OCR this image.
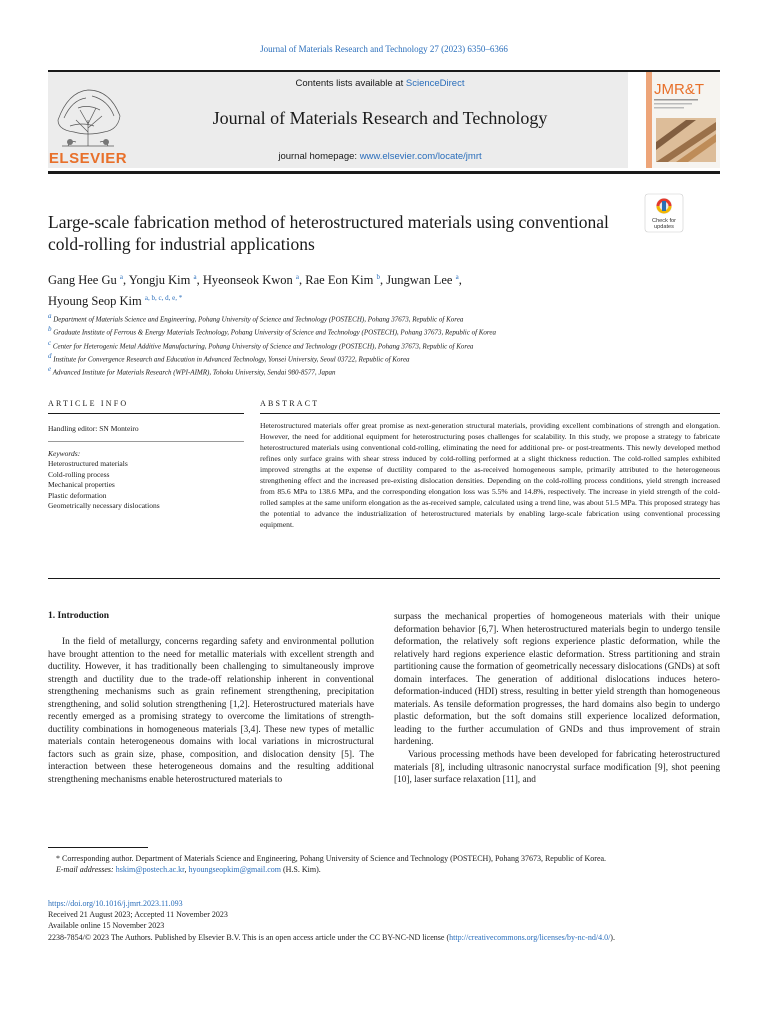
Journal of Materials Research and Technology 27 (2023) 6350–6366
ELSEVIER
Contents lists available at ScienceDirect
Journal of Materials Research and Technology
journal homepage: www.elsevier.com/locate/jmrt
JMR&T
Check for
updates
Large-scale fabrication method of heterostructured materials using conventional cold-rolling for industrial applications
Gang Hee Gu $^a$, Yongju Kim $^a$, Hyeonseok Kwon $^a$, Rae Eon Kim $^b$, Jungwan Lee $^a$,
Hyoung Seop Kim $^{a, b, c, d, e, *}$
$^a$ Department of Materials Science and Engineering, Pohang University of Science and Technology (POSTECH), Pohang 37673, Republic of Korea
$^b$ Graduate Institute of Ferrous & Energy Materials Technology, Pohang University of Science and Technology (POSTECH), Pohang 37673, Republic of Korea
$^c$ Center for Heterogenic Metal Additive Manufacturing, Pohang University of Science and Technology (POSTECH), Pohang 37673, Republic of Korea
$^d$ Institute for Convergence Research and Education in Advanced Technology, Yonsei University, Seoul 03722, Republic of Korea
$^e$ Advanced Institute for Materials Research (WPI-AIMR), Tohoku University, Sendai 980-8577, Japan
ARTICLE INFO	ABSTRACT
Handling editor: SN Monteiro
Keywords:
Heterostructured materials
Cold-rolling process
Mechanical properties
Plastic deformation
Geometrically necessary dislocations
Heterostructured materials offer great promise as next-generation structural materials, providing excellent combinations of strength and elongation. However, the need for additional equipment for heterostructuring poses challenges for scalability. In this study, we propose a strategy to fabricate heterostructured materials using conventional cold-rolling, eliminating the need for additional pre- or post-treatments. This newly developed method refines only surface grains with shear stress induced by cold-rolling performed at a slight thickness reduction. The cold-rolled samples exhibited improved strengths at the expense of ductility compared to the as-received homogeneous sample, primarily attributed to the heterogeneous strengthening effect and the increased pre-existing dislocation densities. Depending on the cold-rolling process conditions, yield strength increased from 85.6 MPa to 138.6 MPa, and the corresponding elongation loss was 5.5% and 14.8%, respectively. The increase in yield strength of the cold-rolled samples at the same uniform elongation as the as-received sample, calculated using a trend line, was about 51.5 MPa. This proposed strategy has the potential to advance the industrialization of heterostructured materials by enabling large-scale fabrication using conventional processing equipment.
1. Introduction

In the field of metallurgy, concerns regarding safety and environmental pollution have brought attention to the need for metallic materials with excellent strength and ductility. However, it has traditionally been challenging to simultaneously improve strength and ductility due to the trade-off relationship inherent in conventional strengthening mechanisms such as grain refinement strengthening, precipitation strengthening, and solid solution strengthening [1,2]. Heterostructured materials have recently emerged as a promising strategy to overcome the limitations of strength-ductility combinations in homogeneous materials [3,4]. These new types of metallic materials contain heterogeneous domains with local variations in microstructural factors such as grain size, phase, composition, and dislocation density [5]. The interaction between these heterogeneous domains and the resulting additional strengthening mechanisms enable heterostructured materials to

surpass the mechanical properties of homogeneous materials with their unique deformation behavior [6,7]. When heterostructured materials begin to undergo tensile deformation, the relatively soft regions experience plastic deformation, while the relatively hard regions experience elastic deformation. Stress partitioning and strain partitioning cause the formation of geometrically necessary dislocations (GNDs) at soft domain interfaces. The generation of additional dislocations induces hetero-deformation-induced (HDI) stress, resulting in better yield strength than homogeneous materials. As tensile deformation progresses, the hard domains also begin to undergo plastic deformation, but the soft domains still experience localized deformation, leading to the further accumulation of GNDs and thus improvement of strain hardening.

Various processing methods have been developed for fabricating heterostructured materials [8], including ultrasonic nanocrystal surface modification [9], shot peening [10], laser surface relaxation [11], and

* Corresponding author. Department of Materials Science and Engineering, Pohang University of Science and Technology (POSTECH), Pohang 37673, Republic of Korea.
E-mail addresses: hskim@postech.ac.kr, hyoungseopkim@gmail.com (H.S. Kim).
https://doi.org/10.1016/j.jmrt.2023.11.093
Received 21 August 2023; Accepted 11 November 2023
Available online 15 November 2023
2238-7854/© 2023 The Authors. Published by Elsevier B.V. This is an open access article under the CC BY-NC-ND license (http://creativecommons.org/licenses/by-nc-nd/4.0/).
